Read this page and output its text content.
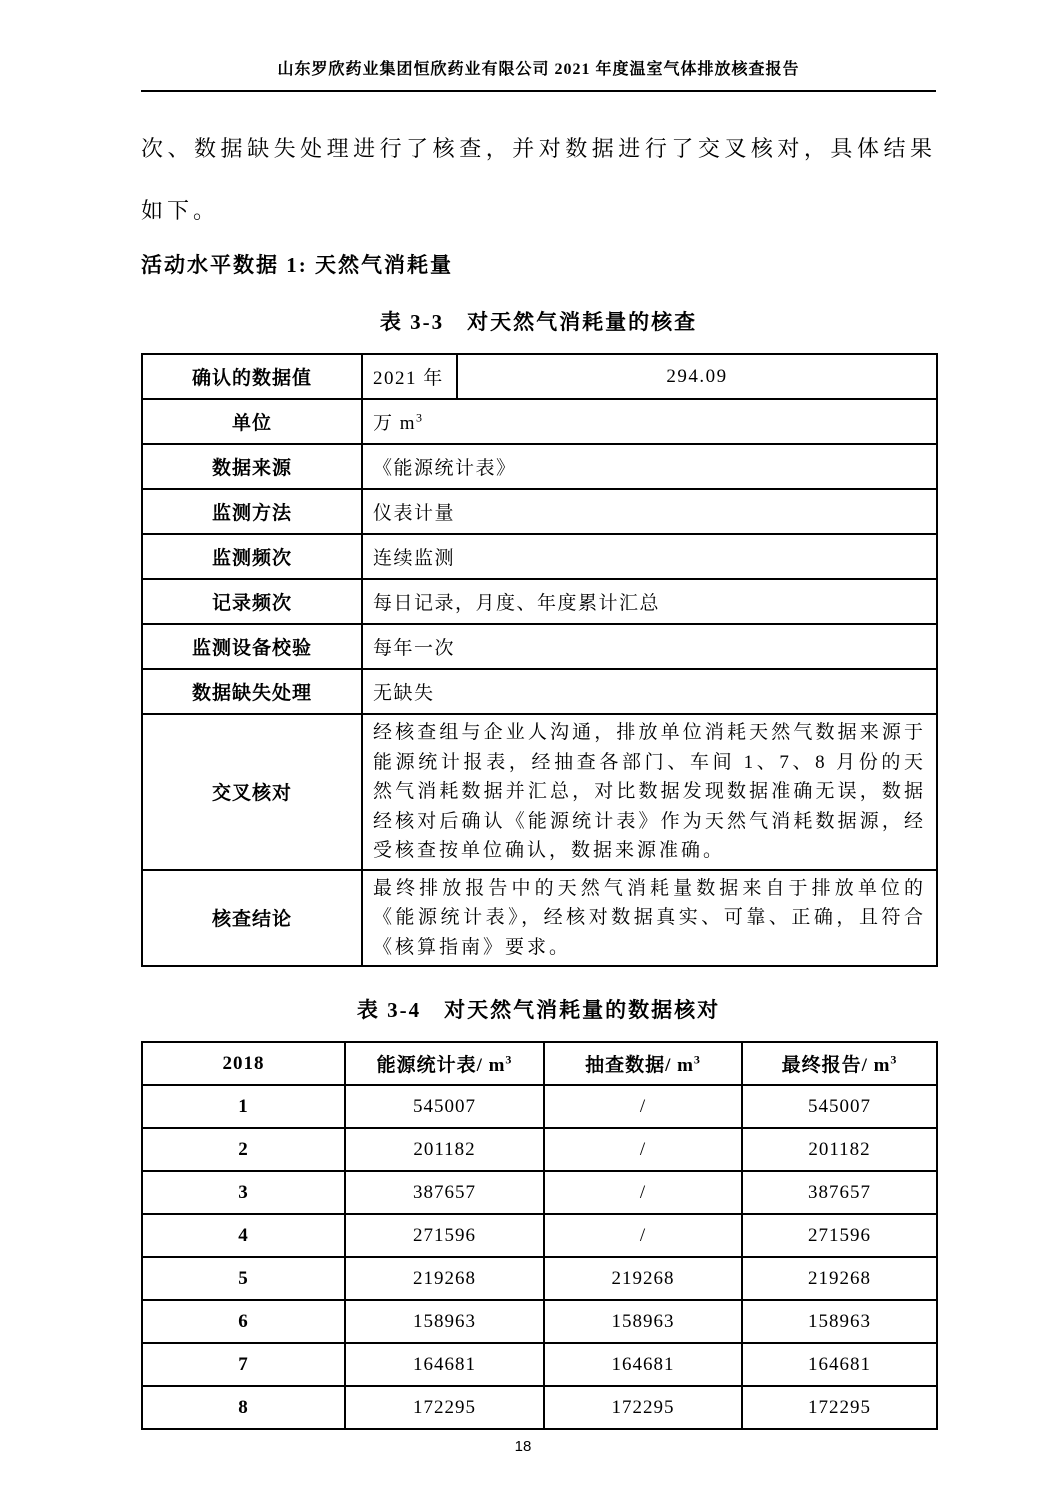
山东罗欣药业集团恒欣药业有限公司 2021 年度温室气体排放核查报告

次、数据缺失处理进行了核查，并对数据进行了交叉核对，具体结果如下。

活动水平数据 1: 天然气消耗量
表 3-3　对天然气消耗量的核查
确认的数据值	2021 年	294.09
单位	万 $m^3$
数据来源	《能源统计表》	
监测方法	仪表计量	
监测频次	连续监测	
记录频次	每日记录，月度、年度累计汇总	
监测设备校验	每年一次	
数据缺失处理	无缺失	
交叉核对	经核查组与企业人沟通，排放单位消耗天然气数据来源于能源统计报表，经抽查各部门、车间 1、7、8 月份的天然气消耗数据并汇总，对比数据发现数据准确无误，数据经核对后确认《能源统计表》作为天然气消耗数据源，经受核查按单位确认，数据来源准确。	
核查结论	最终排放报告中的天然气消耗量数据来自于排放单位的《能源统计表》，经核对数据真实、可靠、正确，且符合《核算指南》要求。	
表 3-4　对天然气消耗量的数据核对
2018	能源统计表/ $m^3$	抽查数据/ $m^3$	最终报告/ $m^3$
1	545007	/	545007
2	201182	/	201182
3	387657	/	387657
4	271596	/	271596
5	219268	219268	219268
6	158963	158963	158963
7	164681	164681	164681
8	172295	172295	172295
18
